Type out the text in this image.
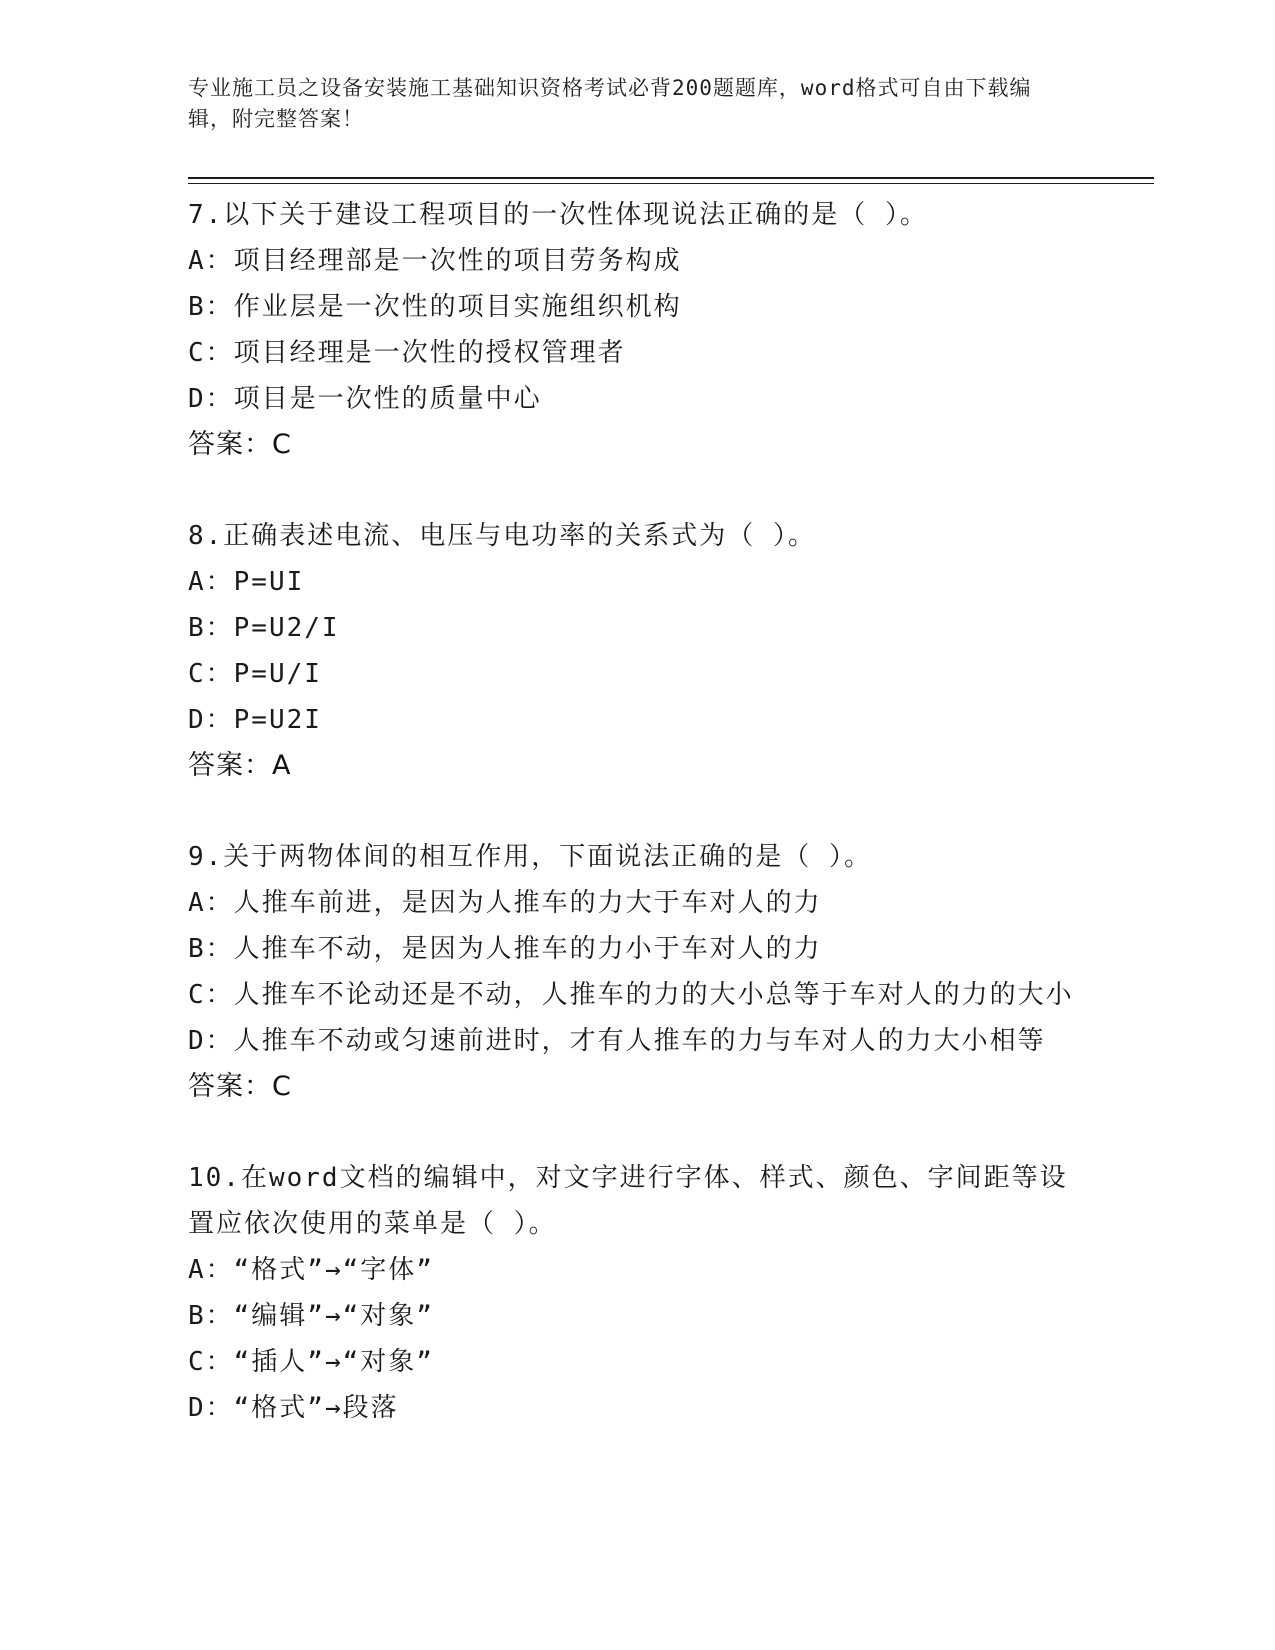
专业施工员之设备安装施工基础知识资格考试必背200题题库，word格式可自由下载编辑，附完整答案！
7.以下关于建设工程项目的一次性体现说法正确的是（ ）。
A：项目经理部是一次性的项目劳务构成
B：作业层是一次性的项目实施组织机构
C：项目经理是一次性的授权管理者
D：项目是一次性的质量中心
答案：C
8.正确表述电流、电压与电功率的关系式为（ ）。
A：P=UI
B：P=U2/I
C：P=U/I
D：P=U2I
答案：A
9.关于两物体间的相互作用，下面说法正确的是（ ）。
A：人推车前进，是因为人推车的力大于车对人的力
B：人推车不动，是因为人推车的力小于车对人的力
C：人推车不论动还是不动，人推车的力的大小总等于车对人的力的大小
D：人推车不动或匀速前进时，才有人推车的力与车对人的力大小相等
答案：C
10.在word文档的编辑中，对文字进行字体、样式、颜色、字间距等设置应依次使用的菜单是（ ）。
A：“格式”→“字体”
B：“编辑”→“对象”
C：“插人”→“对象”
D：“格式”→段落
